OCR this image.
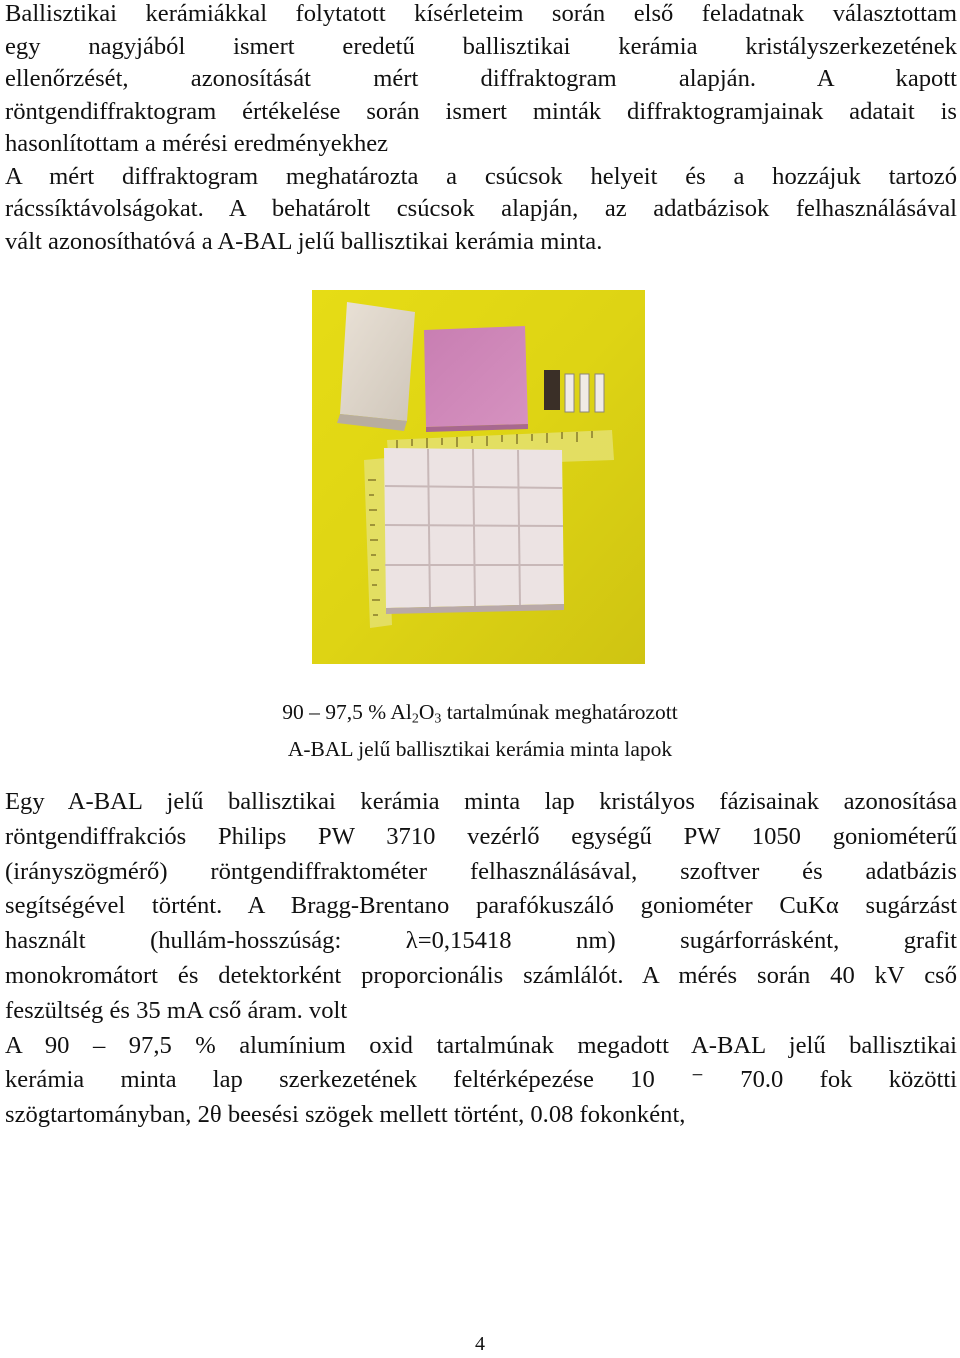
Ballisztikai kerámiákkal folytatott kísérleteim során első feladatnak választottam
egy nagyjából ismert eredetű ballisztikai kerámia kristályszerkezetének
ellenőrzését, azonosítását mért diffraktogram alapján. A kapott
röntgendiffraktogram értékelése során ismert minták diffraktogramjainak adatait is
hasonlítottam a mérési eredményekhez
A mért diffraktogram meghatározta a csúcsok helyeit és a hozzájuk tartozó
rácssíktávolságokat. A behatárolt csúcsok alapján, az adatbázisok felhasználásával
vált azonosíthatóvá a A-BAL jelű ballisztikai kerámia minta.
90 – 97,5 % $Al_2O_3$ tartalmúnak meghatározott
A-BAL jelű ballisztikai kerámia minta lapok
Egy A-BAL jelű ballisztikai kerámia minta lap kristályos fázisainak azonosítása
röntgendiffrakciós Philips PW 3710 vezérlő egységű PW 1050 goniométerű
(irányszögmérő) röntgendiffraktométer felhasználásával, szoftver és adatbázis
segítségével történt. A Bragg-Brentano parafókuszáló goniométer CuKα sugárzást
használt (hullám-hosszúság: λ=0,15418 nm) sugárforrásként, grafit
monokromátort és detektorként proporcionális számlálót. A mérés során 40 kV cső
feszültség és 35 mA cső áram. volt
A 90 – 97,5 % alumínium oxid tartalmúnak megadott A-BAL jelű ballisztikai
kerámia minta lap szerkezetének feltérképezése 10 ⁻ 70.0 fok közötti
szögtartományban, 2θ beesési szögek mellett történt, 0.08 fokonként,
4
